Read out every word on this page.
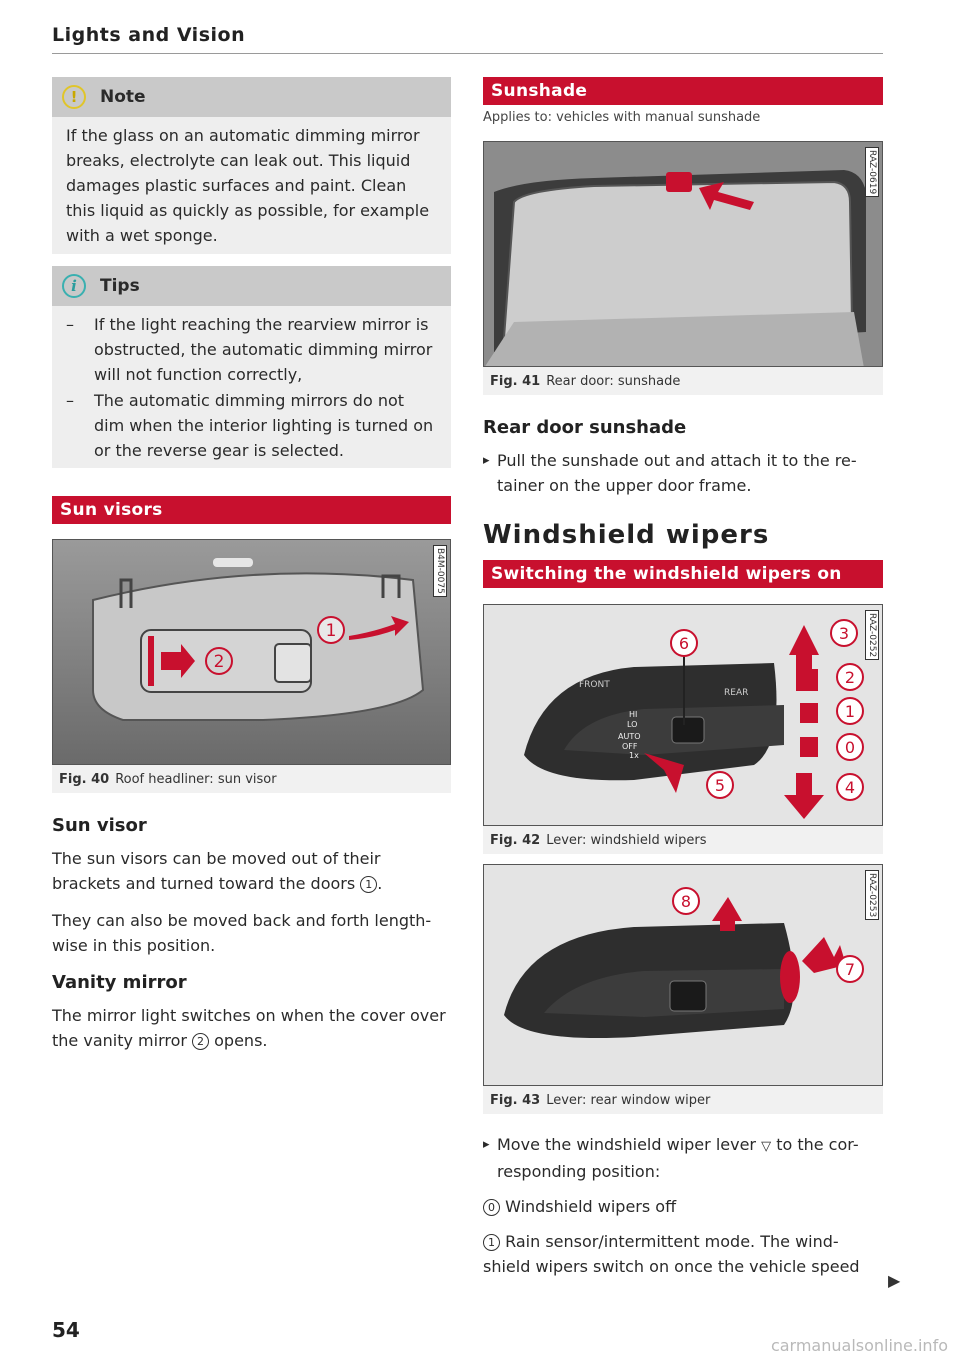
Lights and Vision
!	Note

If the glass on an automatic dimming mirror breaks, electrolyte can leak out. This liquid damages plastic surfaces and paint. Clean this liquid as quickly as possible, for example with a wet sponge.

i	Tips
– If the light reaching the rearview mirror is obstructed, the automatic dimming mirror will not function correctly,
– The automatic dimming mirrors do not dim when the interior lighting is turned on or the reverse gear is selected.
Sun visors
2
1
B4M-0075
Fig. 40 Roof headliner: sun visor
Sun visor

The sun visors can be moved out of their brackets and turned toward the doors 1 .

They can also be moved back and forth length-wise in this position.

Vanity mirror

The mirror light switches on when the cover over the vanity mirror 2 opens.

Sunshade
Applies to: vehicles with manual sunshade
RAZ-0619
Fig. 41 Rear door: sunshade
Rear door sunshade
▸ Pull the sunshade out and attach it to the re-tainer on the upper door frame.
Windshield wipers
Switching the windshield wipers on
FRONT
REAR
HI
LO
AUTO
OFF
1x
6
5
3
2
1
0
4
RAZ-0252
Fig. 42 Lever: windshield wipers
8
7
RAZ-0253
Fig. 43 Lever: rear window wiper
▸ Move the windshield wiper lever ▽ to the cor-responding position:

0 Windshield wipers off

1 Rain sensor/intermittent mode. The wind-shield wipers switch on once the vehicle speed

54
▶
carmanualsonline.info
